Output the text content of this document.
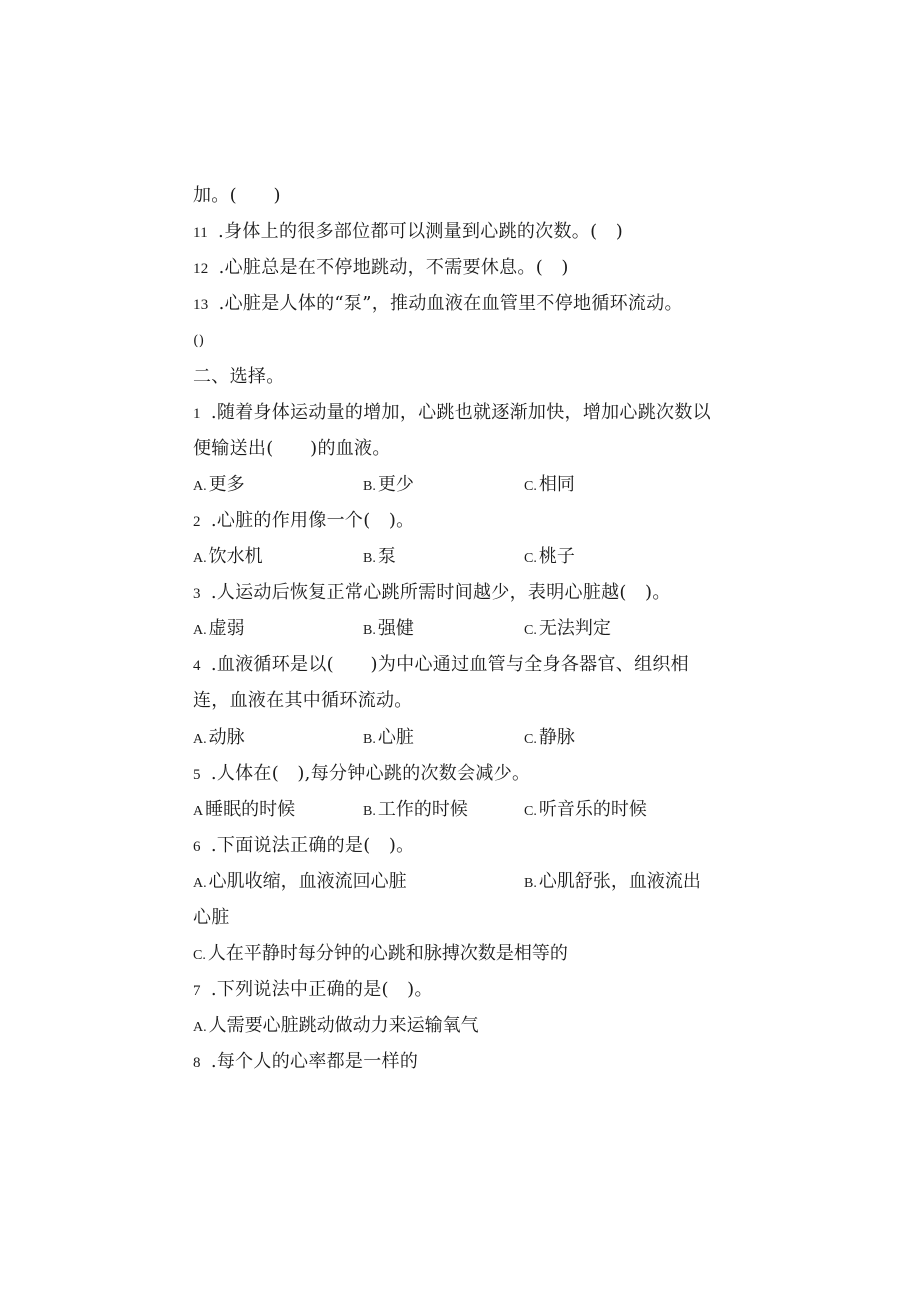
加。(　　)
11 .身体上的很多部位都可以测量到心跳的次数。(　)
12 .心脏总是在不停地跳动，不需要休息。(　)
13 .心脏是人体的“泵”，推动血液在血管里不停地循环流动。
()
二、选择。
1 .随着身体运动量的增加，心跳也就逐渐加快，增加心跳次数以
便输送出(　　)的血液。
A. 更多	B. 更少	C. 相同
2 .心脏的作用像一个(　)。
A. 饮水机	B. 泵	C. 桃子
3 .人运动后恢复正常心跳所需时间越少，表明心脏越(　)。
A. 虚弱	B. 强健	C. 无法判定
4 .血液循环是以(　　)为中心通过血管与全身各器官、组织相
连，血液在其中循环流动。
A. 动脉	B. 心脏	C. 静脉
5 .人体在(　),每分钟心跳的次数会减少。
A 睡眠的时候	B. 工作的时候	C. 听音乐的时候
6 .下面说法正确的是(　)。
A. 心肌收缩，血液流回心脏	B. 心肌舒张，血液流出
心脏
C. 人在平静时每分钟的心跳和脉搏次数是相等的
7 .下列说法中正确的是(　)。
A. 人需要心脏跳动做动力来运输氧气
8 .每个人的心率都是一样的
